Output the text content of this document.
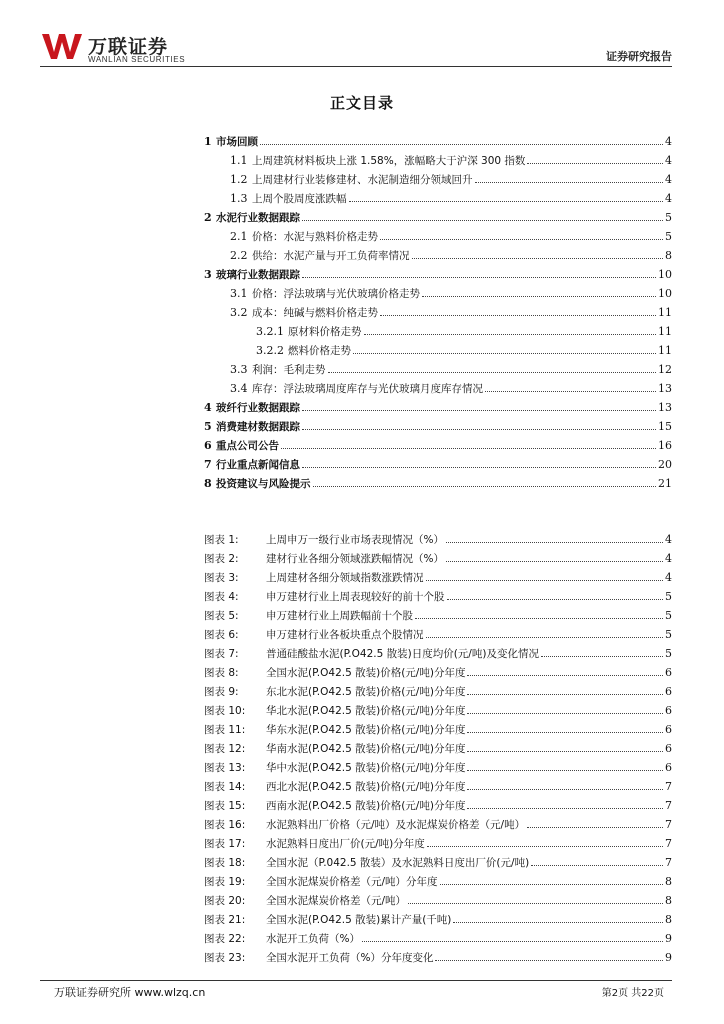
万联证券
WANLIAN SECURITIES	证券研究报告
正文目录
1 市场回顾	4
1.1 上周建筑材料板块上涨 1.58%，涨幅略大于沪深 300 指数	4
1.2 上周建材行业装修建材、水泥制造细分领域回升	4
1.3 上周个股周度涨跌幅	4
2 水泥行业数据跟踪	5
2.1 价格：水泥与熟料价格走势	5
2.2 供给：水泥产量与开工负荷率情况	8
3 玻璃行业数据跟踪	10
3.1 价格：浮法玻璃与光伏玻璃价格走势	10
3.2 成本：纯碱与燃料价格走势	11
3.2.1 原材料价格走势	11
3.2.2 燃料价格走势	11
3.3 利润：毛利走势	12
3.4 库存：浮法玻璃周度库存与光伏玻璃月度库存情况	13
4 玻纤行业数据跟踪	13
5 消费建材数据跟踪	15
6 重点公司公告	16
7 行业重点新闻信息	20
8 投资建议与风险提示	21
图表 1:	上周申万一级行业市场表现情况（%）	4
图表 2:	建材行业各细分领域涨跌幅情况（%）	4
图表 3:	上周建材各细分领域指数涨跌情况	4
图表 4:	申万建材行业上周表现较好的前十个股	5
图表 5:	申万建材行业上周跌幅前十个股	5
图表 6:	申万建材行业各板块重点个股情况	5
图表 7:	普通硅酸盐水泥(P.O42.5 散装)日度均价(元/吨)及变化情况	5
图表 8:	全国水泥(P.O42.5 散装)价格(元/吨)分年度	6
图表 9:	东北水泥(P.O42.5 散装)价格(元/吨)分年度	6
图表 10:	华北水泥(P.O42.5 散装)价格(元/吨)分年度	6
图表 11:	华东水泥(P.O42.5 散装)价格(元/吨)分年度	6
图表 12:	华南水泥(P.O42.5 散装)价格(元/吨)分年度	6
图表 13:	华中水泥(P.O42.5 散装)价格(元/吨)分年度	6
图表 14:	西北水泥(P.O42.5 散装)价格(元/吨)分年度	7
图表 15:	西南水泥(P.O42.5 散装)价格(元/吨)分年度	7
图表 16:	水泥熟料出厂价格（元/吨）及水泥煤炭价格差（元/吨）	7
图表 17:	水泥熟料日度出厂价(元/吨)分年度	7
图表 18:	全国水泥（P.042.5 散装）及水泥熟料日度出厂价(元/吨)	7
图表 19:	全国水泥煤炭价格差（元/吨）分年度	8
图表 20:	全国水泥煤炭价格差（元/吨）	8
图表 21:	全国水泥(P.O42.5 散装)累计产量(千吨)	8
图表 22:	水泥开工负荷（%）	9
图表 23:	全国水泥开工负荷（%）分年度变化	9
万联证券研究所 www.wlzq.cn	第2页 共22页
